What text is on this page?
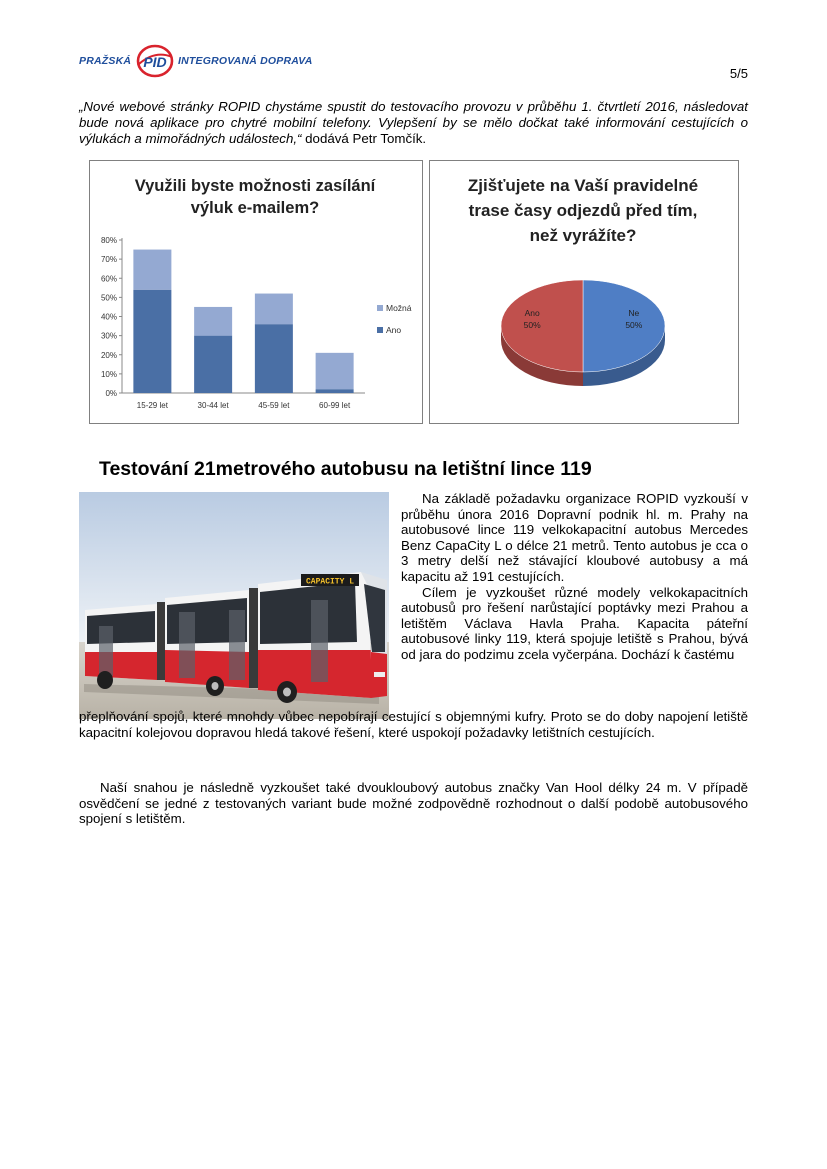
PRAŽSKÁ PID INTEGROVANÁ DOPRAVA
5/5
„Nové webové stránky ROPID chystáme spustit do testovacího provozu v průběhu 1. čtvrtletí 2016, následovat bude nová aplikace pro chytré mobilní telefony. Vylepšení by se mělo dočkat také informování cestujících o výlukách a mimořádných událostech,“ dodává Petr Tomčík.
Využili byste možnosti zasílání
výluk e-mailem?
0%
10%
20%
30%
40%
50%
60%
70%
80%
15-29 let	30-44 let	45-59 let	60-99 let
Možná
Ano
Zjišťujete na Vaší pravidelné
trase časy odjezdů před tím,
než vyrážíte?
Ne
50%
Ano
50%
Testování 21metrového autobusu na letištní lince 119
CAPACITY L

Na základě požadavku organizace ROPID vyzkouší v průběhu února 2016 Dopravní podnik hl. m. Prahy na autobusové lince 119 velkokapacitní autobus Mercedes Benz CapaCity L o délce 21 metrů. Tento autobus je cca o 3 metry delší než stávající kloubové autobusy a má kapacitu až 191 cestujících.

Cílem je vyzkoušet různé modely velkokapacitních autobusů pro řešení narůstající poptávky mezi Prahou a letištěm Václava Havla Praha. Kapacita páteřní autobusové linky 119, která spojuje letiště s Prahou, bývá od jara do podzimu zcela vyčerpána. Dochází k častému

přeplňování spojů, které mnohdy vůbec nepobírají cestující s objemnými kufry. Proto se do doby napojení letiště kapacitní kolejovou dopravou hledá takové řešení, které uspokojí požadavky letištních cestujících.

Naší snahou je následně vyzkoušet také dvoukloubový autobus značky Van Hool délky 24 m. V případě osvědčení se jedné z testovaných variant bude možné zodpovědně rozhodnout o další podobě autobusového spojení s letištěm.
